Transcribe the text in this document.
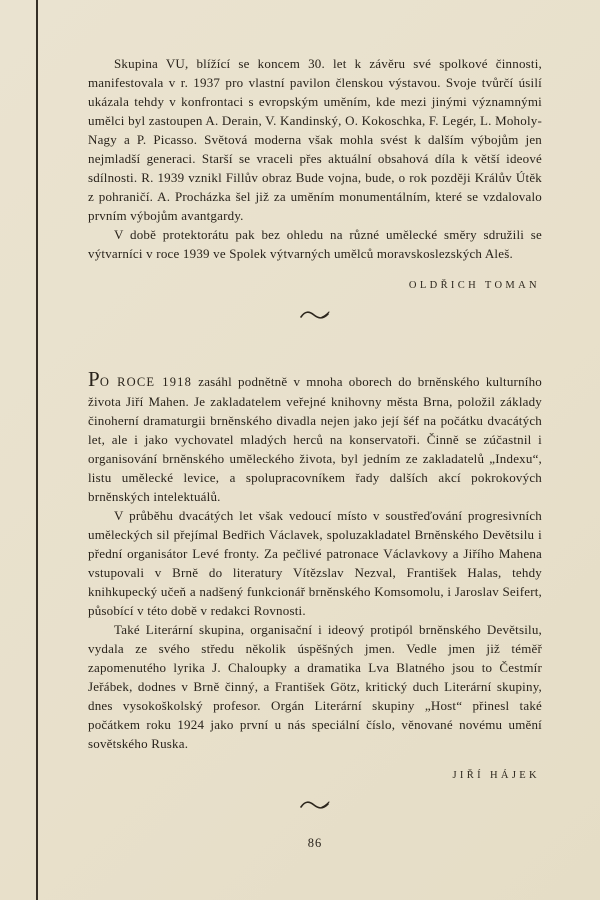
Skupina VU, blížící se koncem 30. let k závěru své spolkové činnosti, manifestovala v r. 1937 pro vlastní pavilon členskou výstavou. Svoje tvůrčí úsilí ukázala tehdy v konfrontaci s evropským uměním, kde mezi jinými významnými umělci byl zastoupen A. Derain, V. Kandinský, O. Kokoschka, F. Legér, L. Moholy-Nagy a P. Picasso. Světová moderna však mohla svést k dalším výbojům jen nejmladší generaci. Starší se vraceli přes aktuální obsahová díla k větší ideové sdílnosti. R. 1939 vznikl Fillův obraz Bude vojna, bude, o rok později Králův Útěk z pohraničí. A. Procházka šel již za uměním monumentálním, které se vzdalovalo prvním výbojům avantgardy.

V době protektorátu pak bez ohledu na různé umělecké směry sdružili se výtvarníci v roce 1939 ve Spolek výtvarných umělců moravskoslezských Aleš.

OLDŘICH TOMAN

PO ROCE 1918 zasáhl podnětně v mnoha oborech do brněnského kulturního života Jiří Mahen. Je zakladatelem veřejné knihovny města Brna, položil základy činoherní dramaturgii brněnského divadla nejen jako její šéf na počátku dvacátých let, ale i jako vychovatel mladých herců na konservatoři. Činně se zúčastnil i organisování brněnského uměleckého života, byl jedním ze zakladatelů „Indexu“, listu umělecké levice, a spolupracovníkem řady dalších akcí pokrokových brněnských intelektuálů.

V průběhu dvacátých let však vedoucí místo v soustřeďování progresivních uměleckých sil přejímal Bedřich Václavek, spoluzakladatel Brněnského Devětsilu i přední organisátor Levé fronty. Za pečlivé patronace Václavkovy a Jiřího Mahena vstupovali v Brně do literatury Vítězslav Nezval, František Halas, tehdy knihkupecký učeň a nadšený funkcionář brněnského Komsomolu, i Jaroslav Seifert, působící v této době v redakci Rovnosti.

Také Literární skupina, organisační i ideový protipól brněnského Devětsilu, vydala ze svého středu několik úspěšných jmen. Vedle jmen již téměř zapomenutého lyrika J. Chaloupky a dramatika Lva Blatného jsou to Čestmír Jeřábek, dodnes v Brně činný, a František Götz, kritický duch Literární skupiny, dnes vysokoškolský profesor. Orgán Literární skupiny „Host“ přinesl také počátkem roku 1924 jako první u nás speciální číslo, věnované novému umění sovětského Ruska.

JIŘÍ HÁJEK
86
